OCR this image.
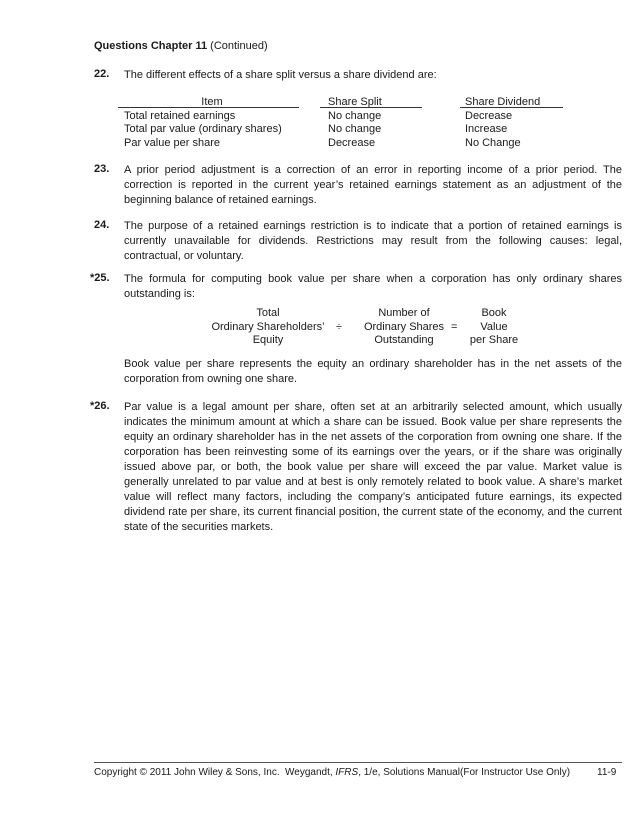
Questions Chapter 11 (Continued)
22. The different effects of a share split versus a share dividend are:
Item	Share Split	Share Dividend
Total retained earnings	No change	Decrease
Total par value (ordinary shares)	No change	Increase
Par value per share	Decrease	No Change
23. A prior period adjustment is a correction of an error in reporting income of a prior period. The correction is reported in the current year’s retained earnings statement as an adjustment of the beginning balance of retained earnings.
24. The purpose of a retained earnings restriction is to indicate that a portion of retained earnings is currently unavailable for dividends. Restrictions may result from the following causes: legal, contractual, or voluntary.
*25. The formula for computing book value per share when a corporation has only ordinary shares outstanding is:
Total
Ordinary Shareholders’
Equity
÷
Number of
Ordinary Shares
Outstanding
=
Book
Value
per Share
Book value per share represents the equity an ordinary shareholder has in the net assets of the corporation from owning one share.
*26. Par value is a legal amount per share, often set at an arbitrarily selected amount, which usually indicates the minimum amount at which a share can be issued. Book value per share represents the equity an ordinary shareholder has in the net assets of the corporation from owning one share. If the corporation has been reinvesting some of its earnings over the years, or if the share was originally issued above par, or both, the book value per share will exceed the par value. Market value is generally unrelated to par value and at best is only remotely related to book value. A share’s market value will reflect many factors, including the company’s anticipated future earnings, its expected dividend rate per share, its current financial position, the current state of the economy, and the current state of the securities markets.
Copyright © 2011 John Wiley & Sons, Inc. Weygandt, IFRS, 1/e, Solutions Manual (For Instructor Use Only)	11-9
